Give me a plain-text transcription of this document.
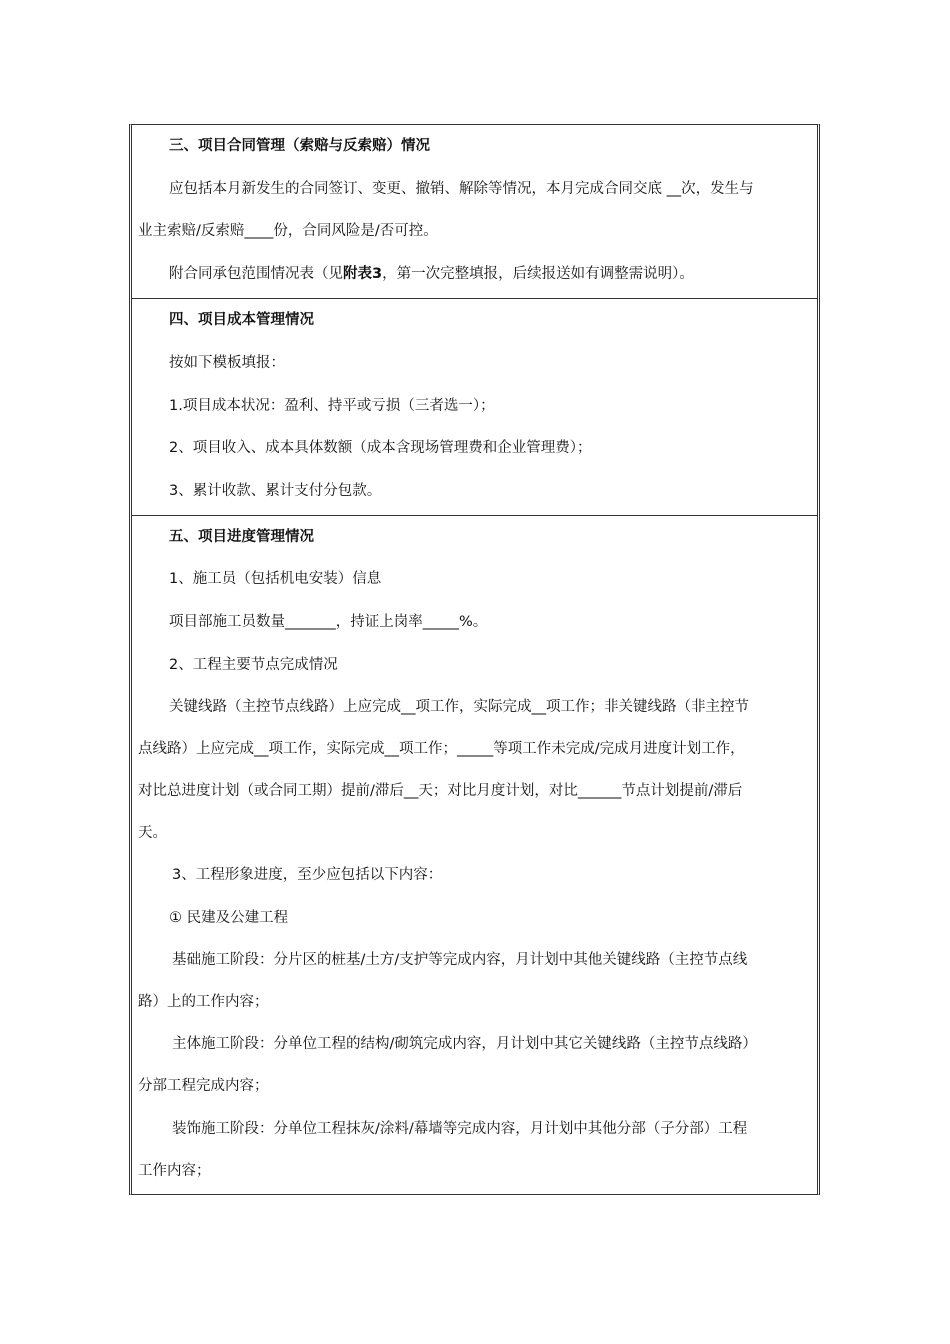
三、项目合同管理（索赔与反索赔）情况
应包括本月新发生的合同签订、变更、撤销、解除等情况，本月完成合同交底 __次，发生与
业主索赔/反索赔____份，合同风险是/否可控。
附合同承包范围情况表（见附表3，第一次完整填报，后续报送如有调整需说明）。
四、项目成本管理情况
按如下模板填报：
1.项目成本状况：盈利、持平或亏损（三者选一）；
2、项目收入、成本具体数额（成本含现场管理费和企业管理费）；
3、累计收款、累计支付分包款。
五、项目进度管理情况
1、施工员（包括机电安装）信息
项目部施工员数量_______，持证上岗率_____%。
2、工程主要节点完成情况
关键线路（主控节点线路）上应完成__项工作，实际完成__项工作；非关键线路（非主控节
点线路）上应完成__项工作，实际完成__项工作；_____等项工作未完成/完成月进度计划工作，
对比总进度计划（或合同工期）提前/滞后__天；对比月度计划，对比______节点计划提前/滞后
天。
3、工程形象进度，至少应包括以下内容：
① 民建及公建工程
基础施工阶段：分片区的桩基/土方/支护等完成内容，月计划中其他关键线路（主控节点线
路）上的工作内容；
主体施工阶段：分单位工程的结构/砌筑完成内容，月计划中其它关键线路（主控节点线路）
分部工程完成内容；
装饰施工阶段：分单位工程抹灰/涂料/幕墙等完成内容，月计划中其他分部（子分部）工程
工作内容；
